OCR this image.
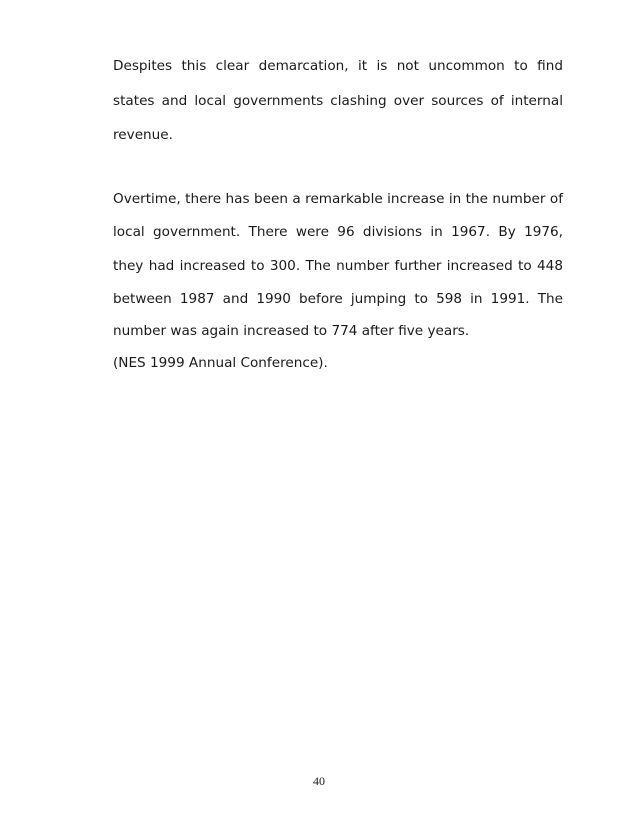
Despites this clear demarcation, it is not uncommon to find

states and local governments clashing over sources of internal

revenue.

Overtime, there has been a remarkable increase in the number of

local government. There were 96 divisions in 1967. By 1976,

they had increased to 300. The number further increased to 448

between 1987 and 1990 before jumping to 598 in 1991. The

number was again increased to 774 after five years.

(NES 1999 Annual Conference).

40
